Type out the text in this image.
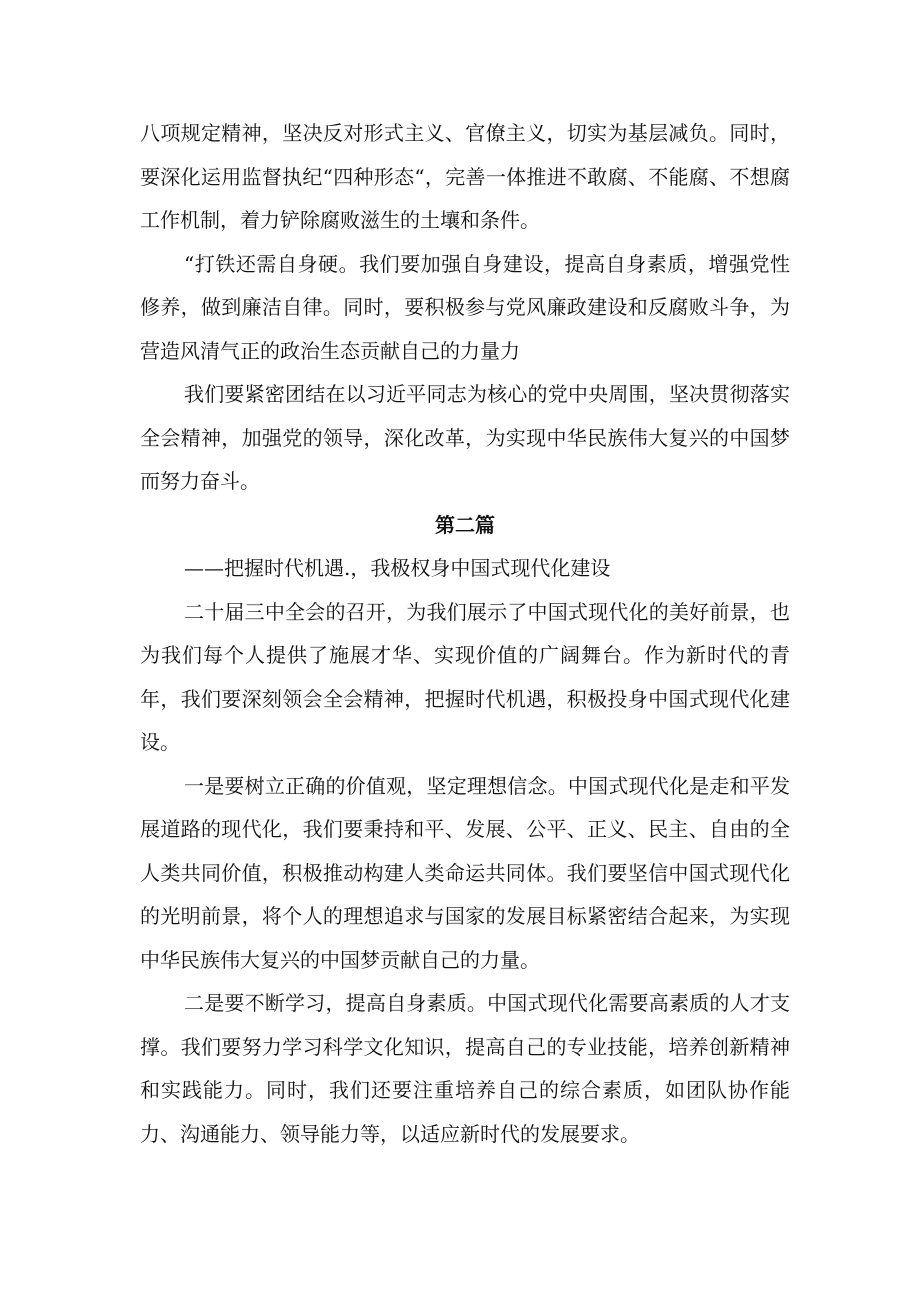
八项规定精神，坚决反对形式主义、官僚主义，切实为基层减负。同时，要深化运用监督执纪“四种形态“，完善一体推进不敢腐、不能腐、不想腐工作机制，着力铲除腐败滋生的土壤和条件。

“打铁还需自身硬。我们要加强自身建设，提高自身素质，增强党性修养，做到廉洁自律。同时，要积极参与党风廉政建设和反腐败斗争，为营造风清气正的政治生态贡献自己的力量力

我们要紧密团结在以习近平同志为核心的党中央周围，坚决贯彻落实全会精神，加强党的领导，深化改革，为实现中华民族伟大复兴的中国梦而努力奋斗。

第二篇

——把握时代机遇.，我极权身中国式现代化建设

二十届三中全会的召开，为我们展示了中国式现代化的美好前景，也为我们每个人提供了施展才华、实现价值的广阔舞台。作为新时代的青年，我们要深刻领会全会精神，把握时代机遇，积极投身中国式现代化建设。

一是要树立正确的价值观，坚定理想信念。中国式现代化是走和平发展道路的现代化，我们要秉持和平、发展、公平、正义、民主、自由的全人类共同价值，积极推动构建人类命运共同体。我们要坚信中国式现代化的光明前景，将个人的理想追求与国家的发展目标紧密结合起来，为实现中华民族伟大复兴的中国梦贡献自己的力量。

二是要不断学习，提高自身素质。中国式现代化需要高素质的人才支撑。我们要努力学习科学文化知识，提高自己的专业技能，培养创新精神和实践能力。同时，我们还要注重培养自己的综合素质，如团队协作能力、沟通能力、领导能力等，以适应新时代的发展要求。
